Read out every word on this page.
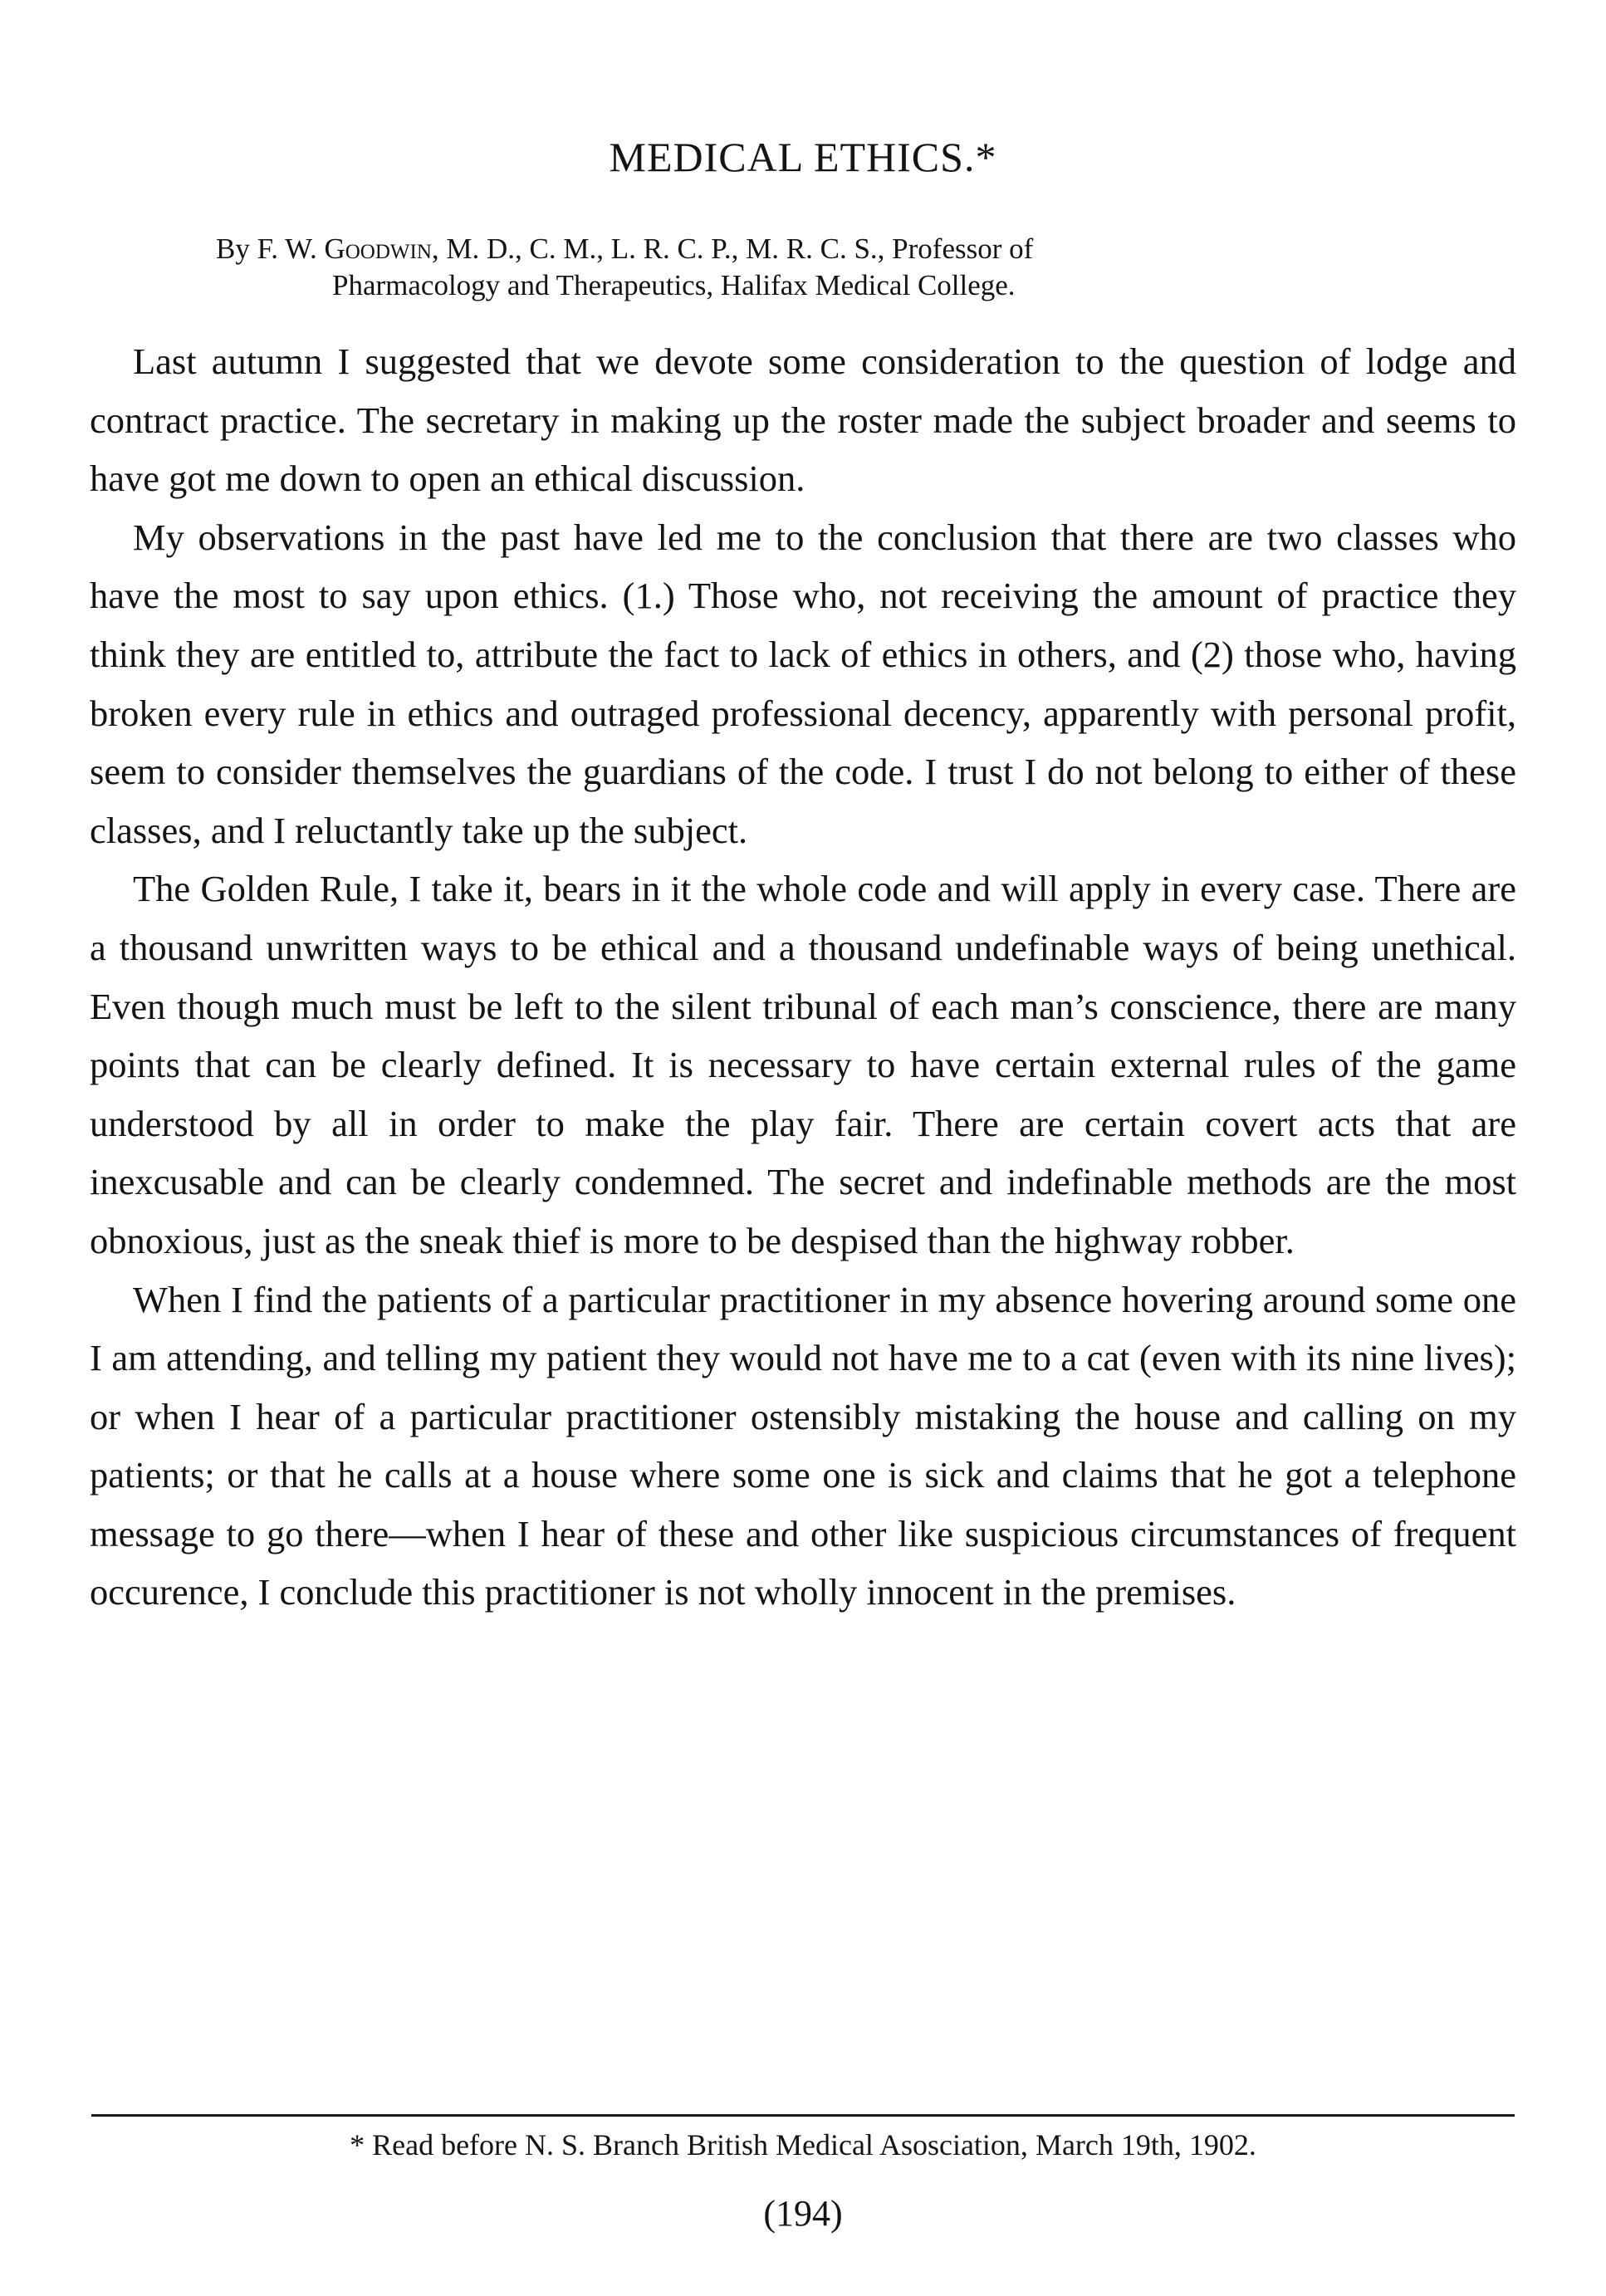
MEDICAL ETHICS.*

By F. W. Goodwin, M. D., C. M., L. R. C. P., M. R. C. S., Professor of
Pharmacology and Therapeutics, Halifax Medical College.

Last autumn I suggested that we devote some consideration to the question of lodge and contract practice. The secretary in making up the roster made the subject broader and seems to have got me down to open an ethical discussion.

My observations in the past have led me to the conclusion that there are two classes who have the most to say upon ethics. (1.) Those who, not receiving the amount of practice they think they are entitled to, attribute the fact to lack of ethics in others, and (2) those who, having broken every rule in ethics and outraged professional decency, apparently with personal profit, seem to consider themselves the guardians of the code. I trust I do not belong to either of these classes, and I reluctantly take up the subject.

The Golden Rule, I take it, bears in it the whole code and will apply in every case. There are a thousand unwritten ways to be ethical and a thousand undefinable ways of being unethical. Even though much must be left to the silent tribunal of each man’s conscience, there are many points that can be clearly defined. It is necessary to have certain external rules of the game understood by all in order to make the play fair. There are certain covert acts that are inexcusable and can be clearly condemned. The secret and indefinable methods are the most obnoxious, just as the sneak thief is more to be despised than the highway robber.

When I find the patients of a particular practitioner in my absence hovering around some one I am attending, and telling my patient they would not have me to a cat (even with its nine lives); or when I hear of a particular practitioner ostensibly mistaking the house and calling on my patients; or that he calls at a house where some one is sick and claims that he got a telephone message to go there—when I hear of these and other like suspicious circumstances of frequent occurence, I conclude this practitioner is not wholly innocent in the premises.

* Read before N. S. Branch British Medical Asosciation, March 19th, 1902.

(194)
